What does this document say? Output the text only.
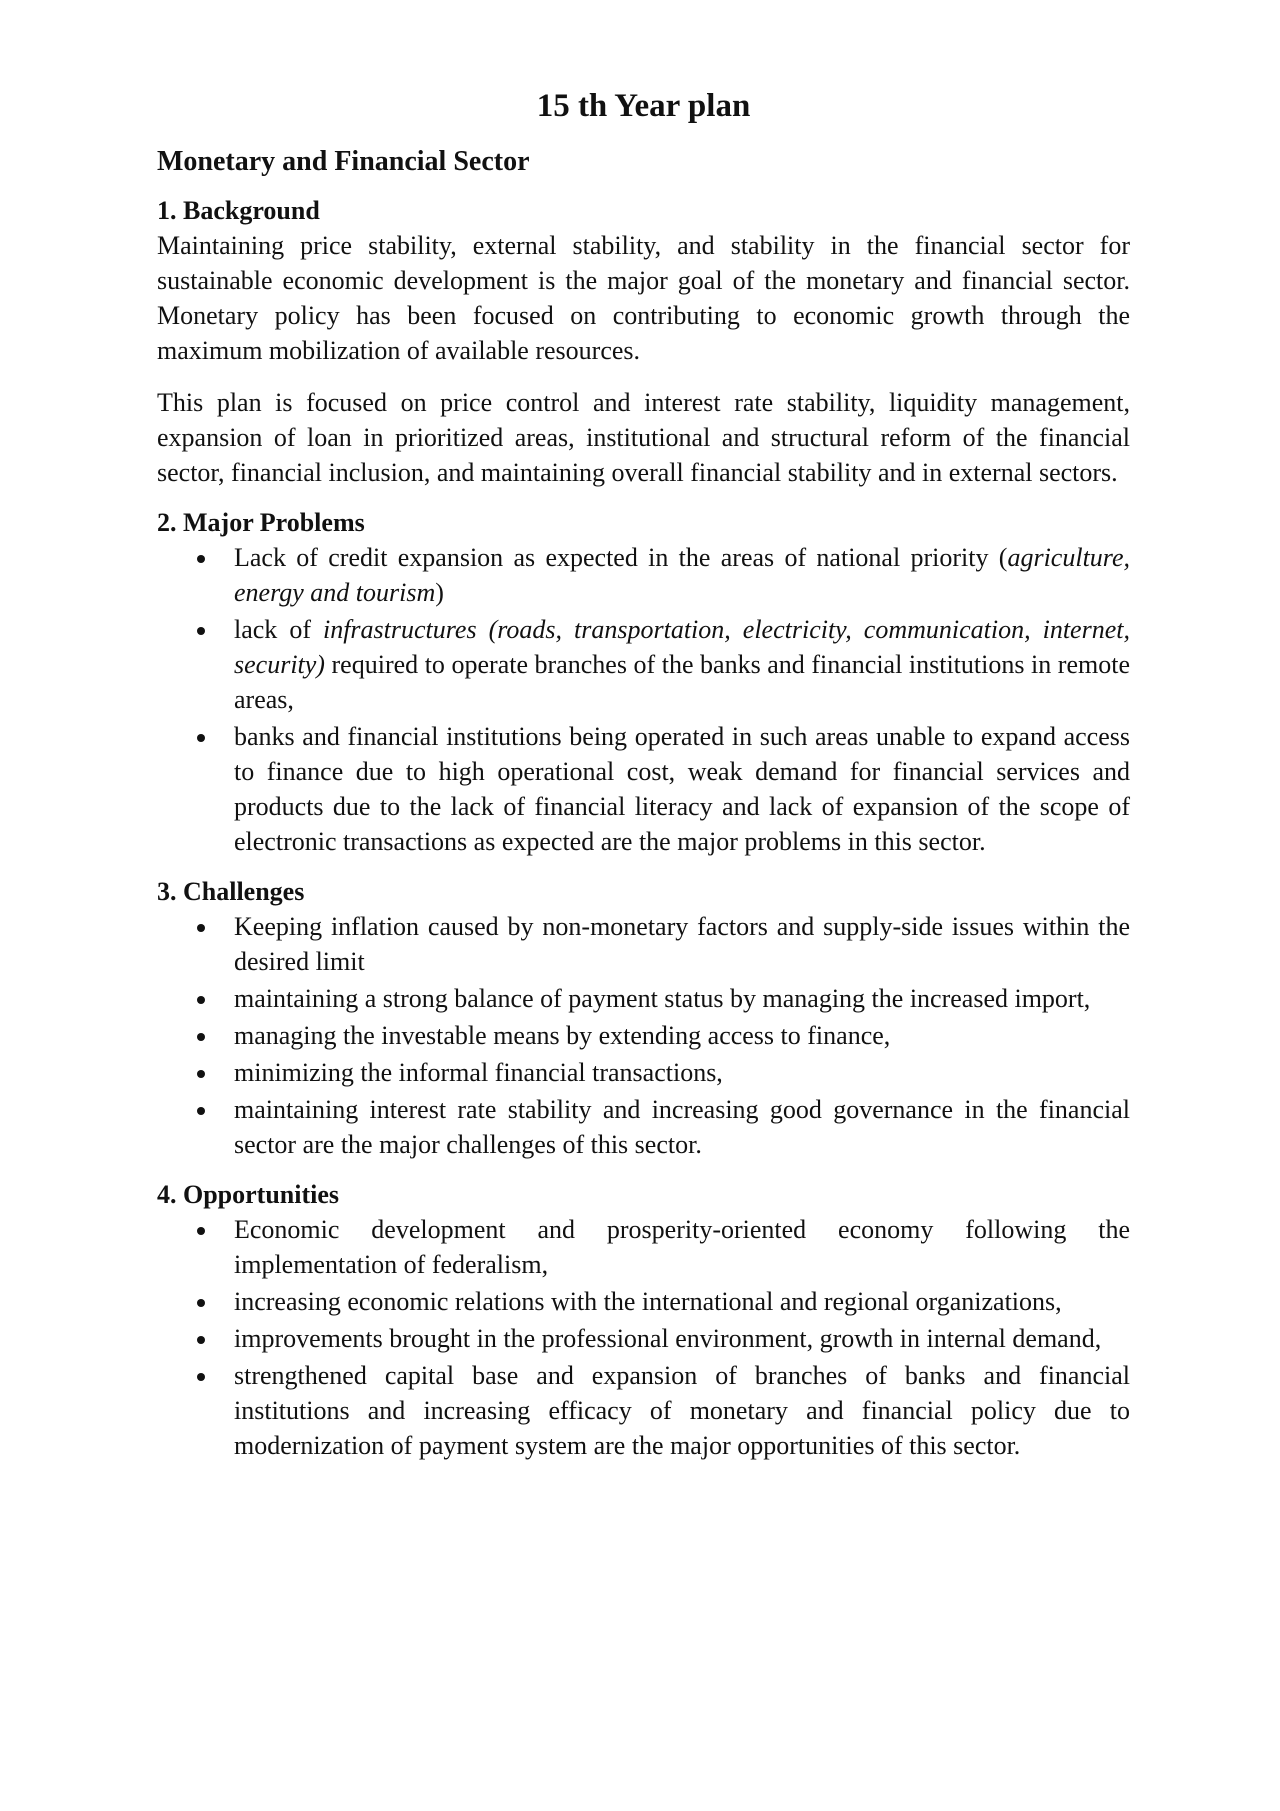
15 th Year plan
Monetary and Financial Sector
1. Background

Maintaining price stability, external stability, and stability in the financial sector for sustainable economic development is the major goal of the monetary and financial sector. Monetary policy has been focused on contributing to economic growth through the maximum mobilization of available resources.

This plan is focused on price control and interest rate stability, liquidity management, expansion of loan in prioritized areas, institutional and structural reform of the financial sector, financial inclusion, and maintaining overall financial stability and in external sectors.

2. Major Problems
Lack of credit expansion as expected in the areas of national priority (agriculture, energy and tourism)
lack of infrastructures (roads, transportation, electricity, communication, internet, security) required to operate branches of the banks and financial institutions in remote areas,
banks and financial institutions being operated in such areas unable to expand access to finance due to high operational cost, weak demand for financial services and products due to the lack of financial literacy and lack of expansion of the scope of electronic transactions as expected are the major problems in this sector.
3. Challenges
Keeping inflation caused by non-monetary factors and supply-side issues within the desired limit
maintaining a strong balance of payment status by managing the increased import,
managing the investable means by extending access to finance,
minimizing the informal financial transactions,
maintaining interest rate stability and increasing good governance in the financial sector are the major challenges of this sector.
4. Opportunities
Economic development and prosperity-oriented economy following the implementation of federalism,
increasing economic relations with the international and regional organizations,
improvements brought in the professional environment, growth in internal demand,
strengthened capital base and expansion of branches of banks and financial institutions and increasing efficacy of monetary and financial policy due to modernization of payment system are the major opportunities of this sector.
